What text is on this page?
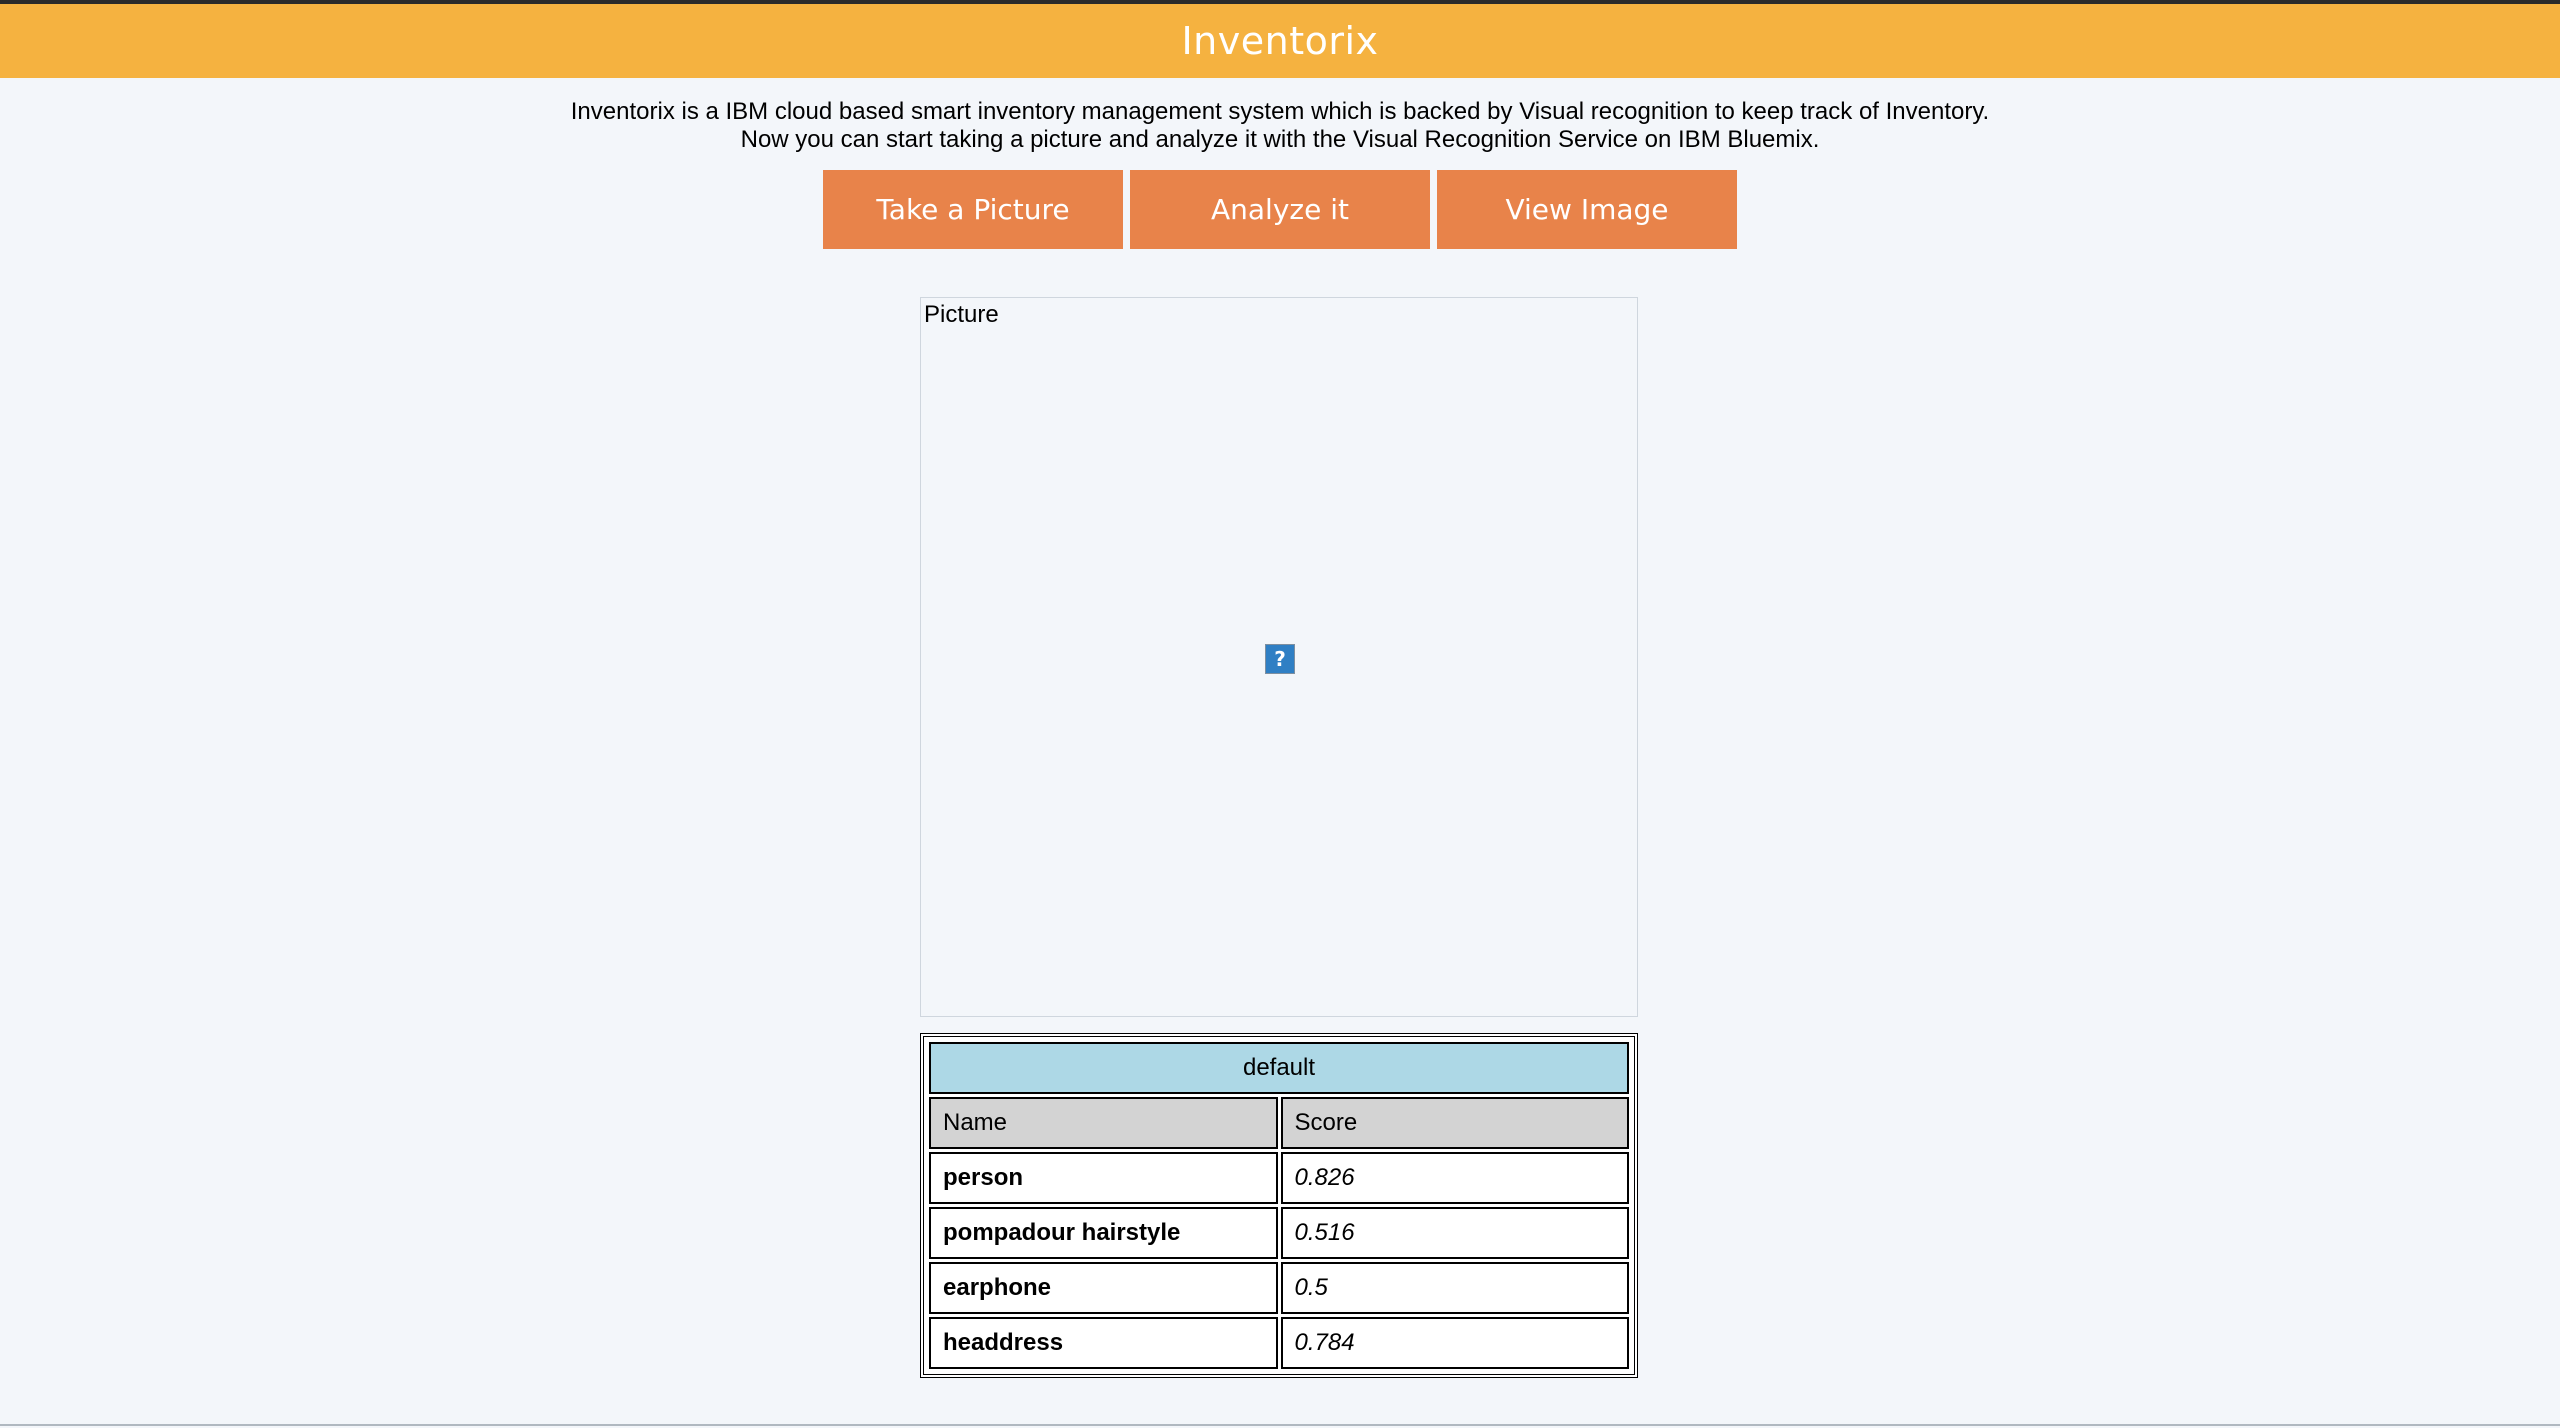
Inventorix
Inventorix is a IBM cloud based smart inventory management system which is backed by Visual recognition to keep track of Inventory.
Now you can start taking a picture and analyze it with the Visual Recognition Service on IBM Bluemix.
Take a Picture	Analyze it	View Image
Picture
?
default	
Name	Score
person	0.826
pompadour hairstyle	0.516
earphone	0.5
headdress	0.784
